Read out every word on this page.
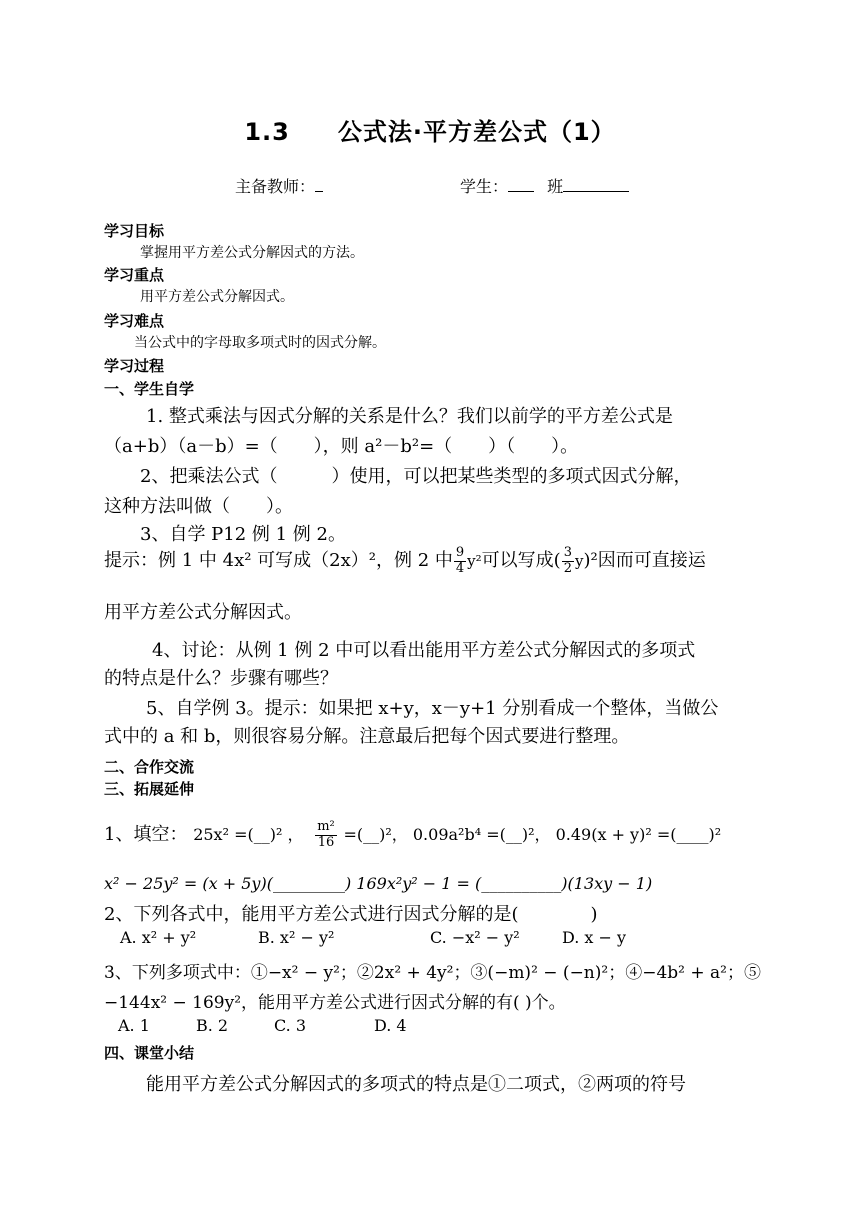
1.3 公式法·平方差公式（1）
主备教师：	学生： 班
学习目标
掌握用平方差公式分解因式的方法。
学习重点
用平方差公式分解因式。
学习难点
当公式中的字母取多项式时的因式分解。
学习过程
一、学生自学
1. 整式乘法与因式分解的关系是什么？我们以前学的平方差公式是
（a+b）（a－b）=（　　），则 a²－b²=（　　）（　　）。
2、把乘法公式（　　　）使用，可以把某些类型的多项式因式分解，
这种方法叫做（　　）。
3、自学 P12 例 1 例 2。
提示：例 1 中 4x² 可写成（2x）²，例 2 中 $\frac{9}{4} y^2$可以写成( $\frac{3}{2} y)^2$因而可直接运
用平方差公式分解因式。
4、讨论：从例 1 例 2 中可以看出能用平方差公式分解因式的多项式
的特点是什么？步骤有哪些？
5、自学例 3。提示：如果把 x+y，x－y+1 分别看成一个整体，当做公
式中的 a 和 b，则很容易分解。注意最后把每个因式要进行整理。
二、合作交流
三、拓展延伸
1、填空： 25x² =(__)² ， $\frac{\text{m²}}{16}$ =(__)²， 0.09a²b⁴ =(__)²， 0.49(x + y)² =(____)²
x² − 25y² = (x + 5y)(_________) 169x²y² − 1 = (__________)(13xy − 1)
2、下列各式中，能用平方差公式进行因式分解的是(　　　　)
A. x² + y²	B. x² − y²	C. −x² − y²	D. x − y
3、下列多项式中：①−x² − y²；②2x² + 4y²；③(−m)² − (−n)²；④−4b² + a²；⑤
−144x² − 169y²，能用平方差公式进行因式分解的有( )个。
A. 1	B. 2	C. 3	D. 4
四、课堂小结
能用平方差公式分解因式的多项式的特点是①二项式，②两项的符号
